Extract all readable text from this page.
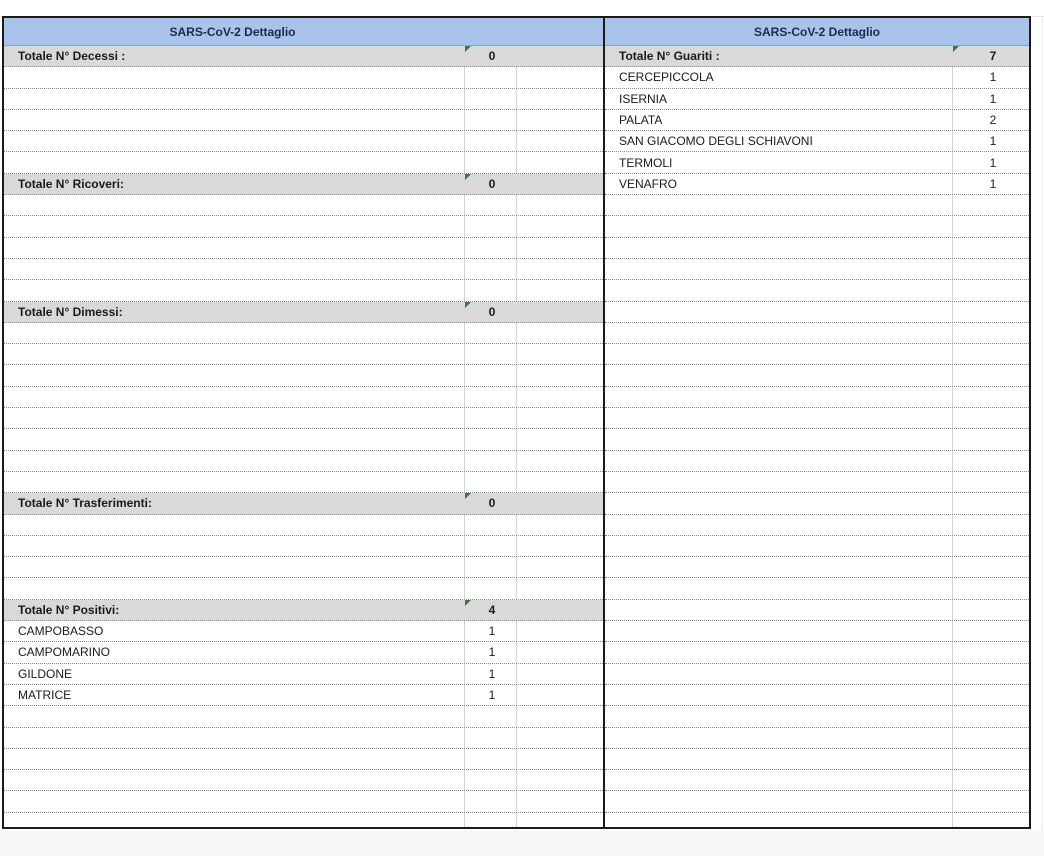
SARS-CoV-2 Dettaglio
Totale N° Decessi :	0
Totale N° Ricoveri:	0
Totale N° Dimessi:	0
Totale N° Trasferimenti:	0
Totale N° Positivi:	4
CAMPOBASSO	1
CAMPOMARINO	1
GILDONE	1
MATRICE	1
SARS-CoV-2 Dettaglio
Totale N° Guariti :	7
CERCEPICCOLA	1
ISERNIA	1
PALATA	2
SAN GIACOMO DEGLI SCHIAVONI	1
TERMOLI	1
VENAFRO	1
